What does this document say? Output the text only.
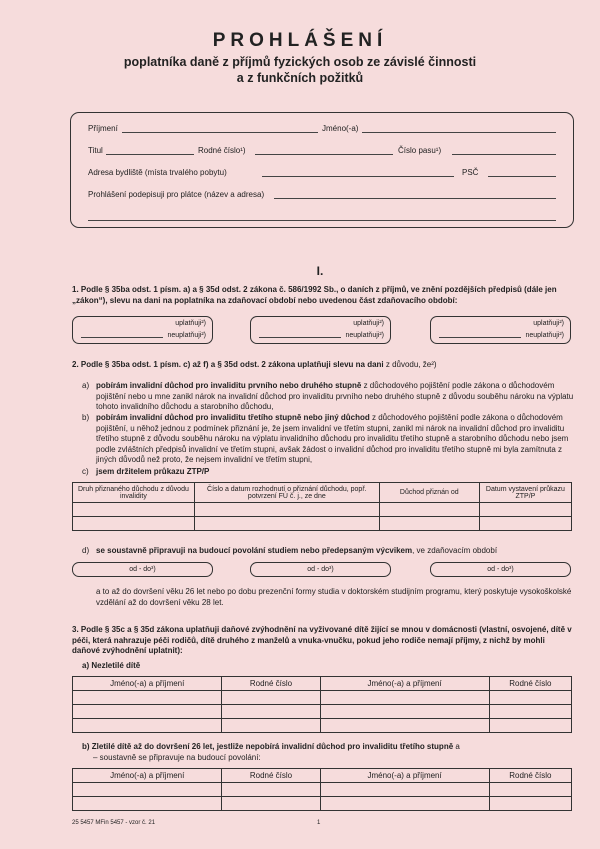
PROHLÁŠENÍ
poplatníka daně z příjmů fyzických osob ze závislé činnosti
a z funkčních požitků
Příjmení	Jméno(-a)
Titul	Rodné číslo¹)	Číslo pasu¹)
Adresa bydliště (místa trvalého pobytu)	PSČ
Prohlášení podepisuji pro plátce (název a adresa)
I.
1. Podle § 35ba odst. 1 písm. a) a § 35d odst. 2 zákona č. 586/1992 Sb., o daních z příjmů, ve znění pozdějších předpisů (dále jen „zákon“), slevu na dani na poplatníka na zdaňovací období nebo uvedenou část zdaňovacího období:
uplatňuji²)
neuplatňuji²)
uplatňuji²)
neuplatňuji²)
uplatňuji²)
neuplatňuji²)
2. Podle § 35ba odst. 1 písm. c) až f) a § 35d odst. 2 zákona uplatňuji slevu na dani z důvodu, že²)
a) pobírám invalidní důchod pro invaliditu prvního nebo druhého stupně z důchodového pojištění podle zákona o důchodovém pojištění nebo u mne zanikl nárok na invalidní důchod pro invaliditu prvního nebo druhého stupně z důvodu souběhu nároku na výplatu tohoto invalidního důchodu a starobního důchodu,
b) pobírám invalidní důchod pro invaliditu třetího stupně nebo jiný důchod z důchodového pojištění podle zákona o důchodovém pojištění, u něhož jednou z podmínek přiznání je, že jsem invalidní ve třetím stupni, zanikl mi nárok na invalidní důchod pro invaliditu třetího stupně z důvodu souběhu nároku na výplatu invalidního důchodu pro invaliditu třetího stupně a starobního důchodu nebo jsem podle zvláštních předpisů invalidní ve třetím stupni, avšak žádost o invalidní důchod pro invaliditu třetího stupně mi byla zamítnuta z jiných důvodů než proto, že nejsem invalidní ve třetím stupni,
c) jsem držitelem průkazu ZTP/P
Druh přiznaného důchodu z důvodu invalidity	Číslo a datum rozhodnutí o přiznání důchodu, popř. potvrzení FÚ č. j., ze dne	Důchod přiznán od	Datum vystavení průkazu ZTP/P

d) se soustavně připravuji na budoucí povolání studiem nebo předepsaným výcvikem, ve zdaňovacím období
od - do³)	od - do³)	od - do³)
a to až do dovršení věku 26 let nebo po dobu prezenční formy studia v doktorském studijním programu, který poskytuje vysokoškolské vzdělání až do dovršení věku 28 let.
3. Podle § 35c a § 35d zákona uplatňuji daňové zvýhodnění na vyživované dítě žijící se mnou v domácnosti (vlastní, osvojené, dítě v péči, která nahrazuje péči rodičů, dítě druhého z manželů a vnuka-vnučku, pokud jeho rodiče nemají příjmy, z nichž by mohli daňové zvýhodnění uplatnit):
a) Nezletilé dítě
Jméno(-a) a příjmení	Rodné číslo	Jméno(-a) a příjmení	Rodné číslo

b) Zletilé dítě až do dovršení 26 let, jestliže nepobírá invalidní důchod pro invaliditu třetího stupně a
– soustavně se připravuje na budoucí povolání:
Jméno(-a) a příjmení	Rodné číslo	Jméno(-a) a příjmení	Rodné číslo

25 5457 MFin 5457 - vzor č. 21	1
